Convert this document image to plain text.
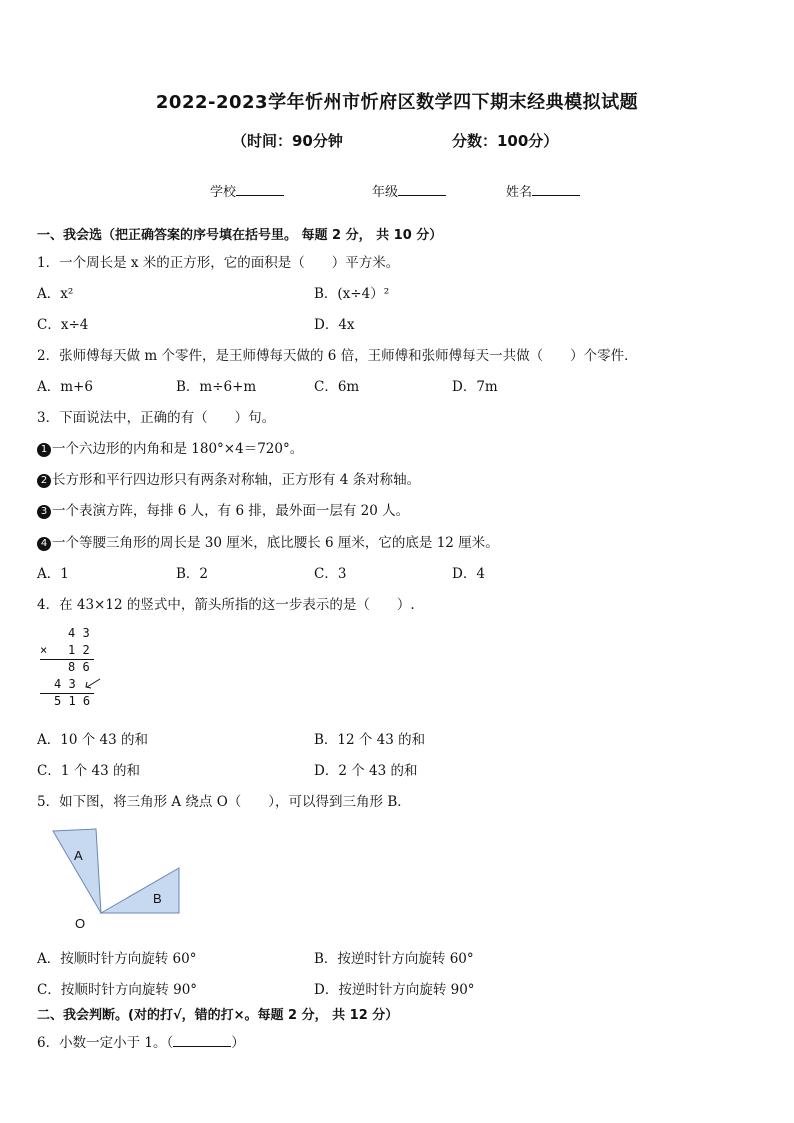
2022-2023学年忻州市忻府区数学四下期末经典模拟试题
（时间：90分钟	分数：100分）
学校	年级	姓名
一、我会选（把正确答案的序号填在括号里。 每题 2 分， 共 10 分）
1．一个周长是 x 米的正方形，它的面积是（　　）平方米。
A．x²	B．(x÷4）²
C．x÷4	D．4x
2．张师傅每天做 m 个零件，是王师傅每天做的 6 倍，王师傅和张师傅每天一共做（　　）个零件．
A．m+6	B．m÷6+m	C．6m	D．7m
3．下面说法中，正确的有（　　）句。
1 一个六边形的内角和是 180°×4＝720°。
2 长方形和平行四边形只有两条对称轴，正方形有 4 条对称轴。
3 一个表演方阵，每排 6 人，有 6 排，最外面一层有 20 人。
4 一个等腰三角形的周长是 30 厘米，底比腰长 6 厘米，它的底是 12 厘米。
A．1	B．2	C．3	D．4
4．在 43×12 的竖式中，箭头所指的这一步表示的是（　　）.
4 3
× 1 2
8 6
4 3
5 1 6
A．10 个 43 的和	B．12 个 43 的和
C．1 个 43 的和	D．2 个 43 的和
5．如下图，将三角形 A 绕点 O（　　），可以得到三角形 B．
A
B
O
A．按顺时针方向旋转 60°	B．按逆时针方向旋转 60°
C．按顺时针方向旋转 90°	D．按逆时针方向旋转 90°
二、我会判断。(对的打√，错的打×。每题 2 分， 共 12 分）
6．小数一定小于 1。（	）
